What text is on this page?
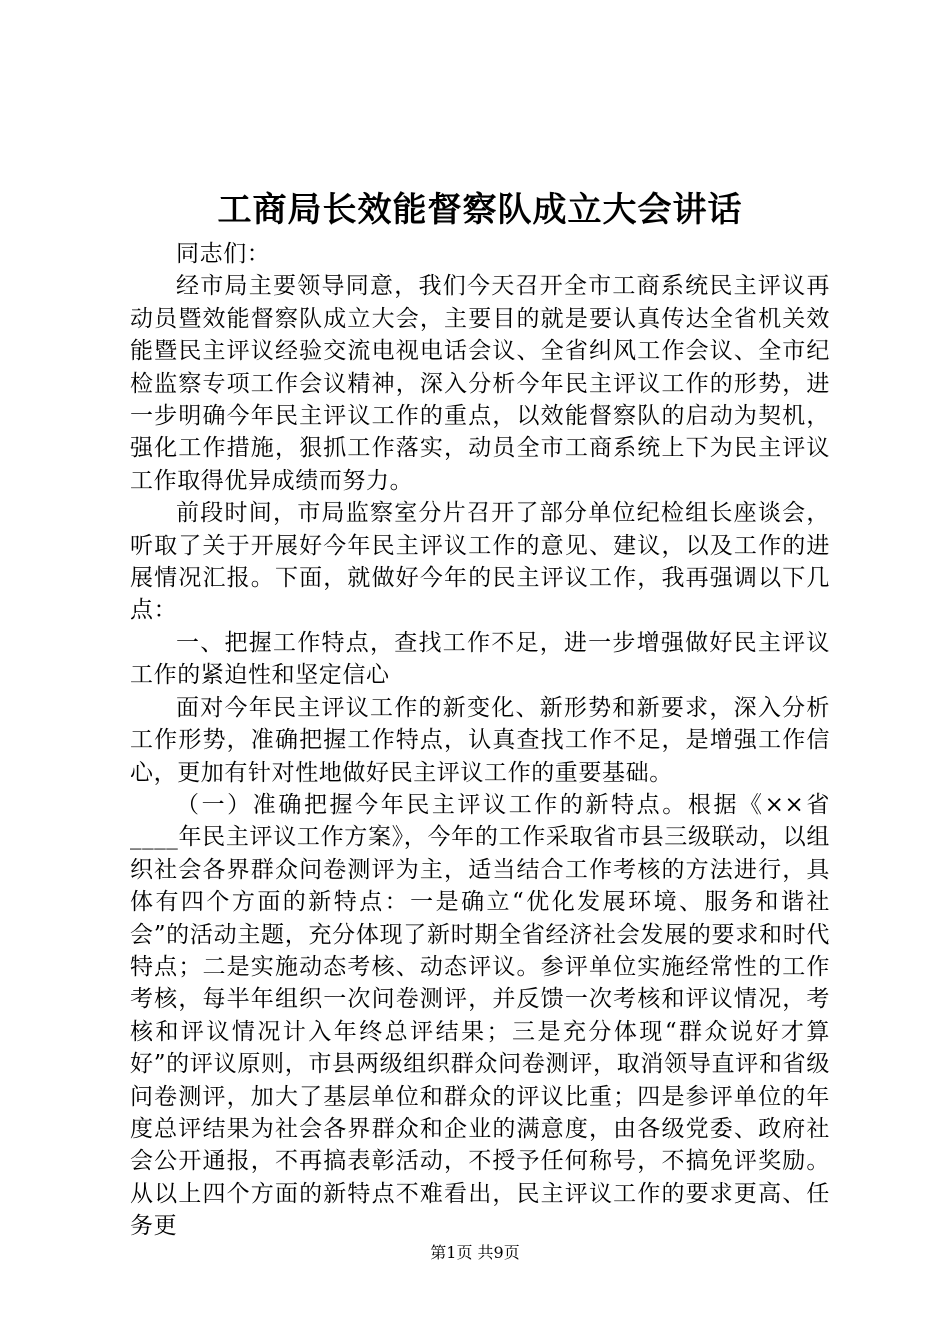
工商局长效能督察队成立大会讲话

同志们：

经市局主要领导同意，我们今天召开全市工商系统民主评议再动员暨效能督察队成立大会，主要目的就是要认真传达全省机关效能暨民主评议经验交流电视电话会议、全省纠风工作会议、全市纪检监察专项工作会议精神，深入分析今年民主评议工作的形势，进一步明确今年民主评议工作的重点，以效能督察队的启动为契机，强化工作措施，狠抓工作落实，动员全市工商系统上下为民主评议工作取得优异成绩而努力。

前段时间，市局监察室分片召开了部分单位纪检组长座谈会，听取了关于开展好今年民主评议工作的意见、建议，以及工作的进展情况汇报。下面，就做好今年的民主评议工作，我再强调以下几点：

一、把握工作特点，查找工作不足，进一步增强做好民主评议工作的紧迫性和坚定信心

面对今年民主评议工作的新变化、新形势和新要求，深入分析工作形势，准确把握工作特点，认真查找工作不足，是增强工作信心，更加有针对性地做好民主评议工作的重要基础。

（一）准确把握今年民主评议工作的新特点。根据《××省____年民主评议工作方案》，今年的工作采取省市县三级联动，以组织社会各界群众问卷测评为主，适当结合工作考核的方法进行，具体有四个方面的新特点：一是确立“优化发展环境、服务和谐社会”的活动主题，充分体现了新时期全省经济社会发展的要求和时代特点；二是实施动态考核、动态评议。参评单位实施经常性的工作考核，每半年组织一次问卷测评，并反馈一次考核和评议情况，考核和评议情况计入年终总评结果；三是充分体现“群众说好才算好”的评议原则，市县两级组织群众问卷测评，取消领导直评和省级问卷测评，加大了基层单位和群众的评议比重；四是参评单位的年度总评结果为社会各界群众和企业的满意度，由各级党委、政府社会公开通报，不再搞表彰活动，不授予任何称号，不搞免评奖励。从以上四个方面的新特点不难看出，民主评议工作的要求更高、任务更

第1页 共9页
